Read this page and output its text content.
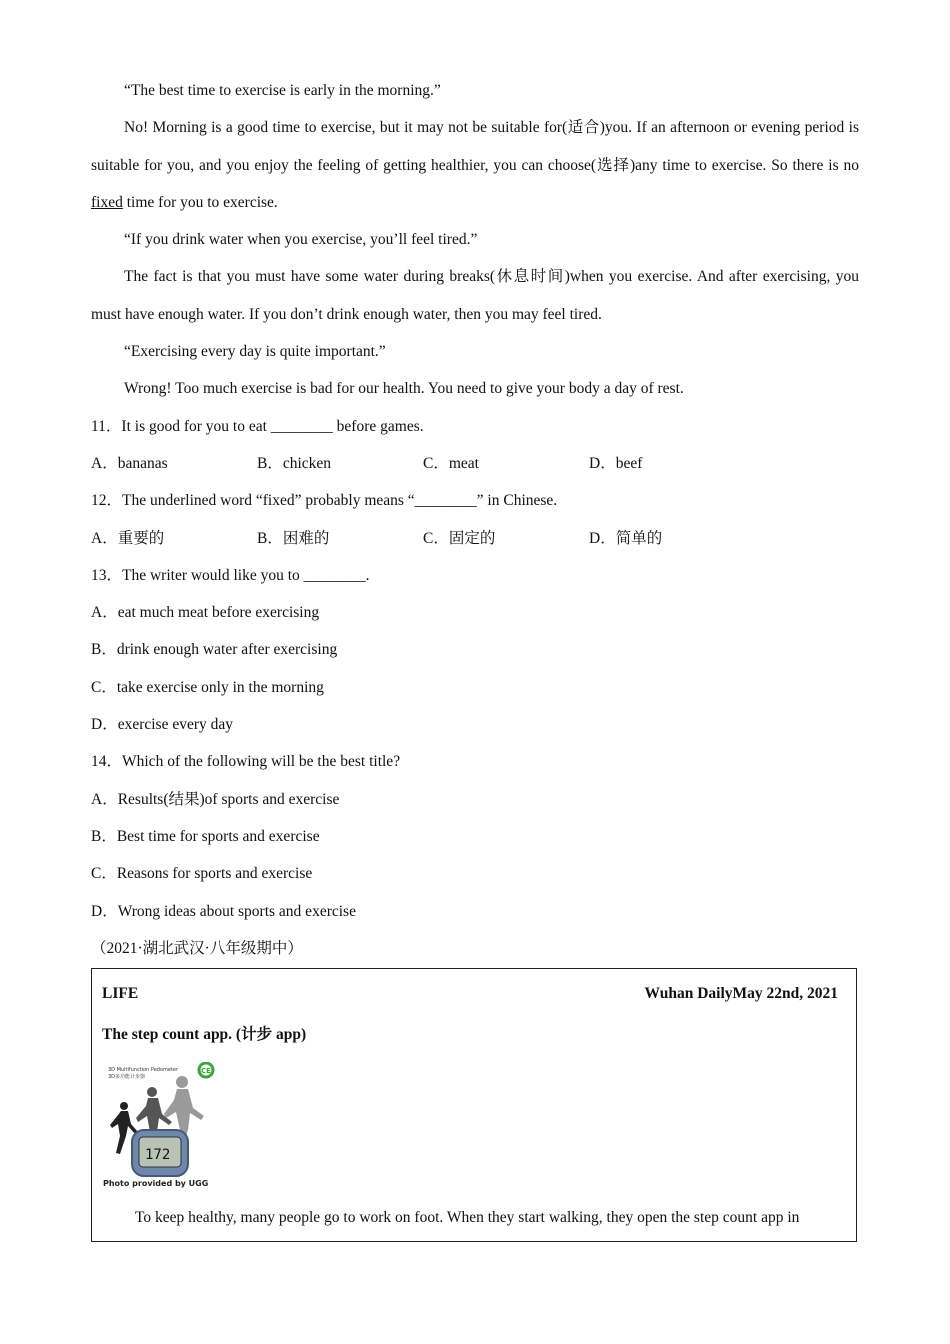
“The best time to exercise is early in the morning.”

No! Morning is a good time to exercise, but it may not be suitable for(适合)you. If an afternoon or evening period is suitable for you, and you enjoy the feeling of getting healthier, you can choose(选择)any time to exercise. So there is no fixed time for you to exercise.

“If you drink water when you exercise, you’ll feel tired.”

The fact is that you must have some water during breaks(休息时间)when you exercise. And after exercising, you must have enough water. If you don’t drink enough water, then you may feel tired.

“Exercising every day is quite important.”

Wrong! Too much exercise is bad for our health. You need to give your body a day of rest.

11．It is good for you to eat ________ before games.

A．bananas	B．chicken	C．meat	D．beef

12．The underlined word “fixed” probably means “________” in Chinese.

A．重要的	B．困难的	C．固定的	D．简单的

13．The writer would like you to ________.

A．eat much meat before exercising

B．drink enough water after exercising

C．take exercise only in the morning

D．exercise every day

14．Which of the following will be the best title?

A．Results(结果)of sports and exercise

B．Best time for sports and exercise

C．Reasons for sports and exercise

D．Wrong ideas about sports and exercise

（2021·湖北武汉·八年级期中）

LIFE	Wuhan DailyMay 22nd, 2021
The step count app. (计步 app)
3D Multifunction Pedometer
3D多功能计步器
CE
172
Photo provided by UGG
To keep healthy, many people go to work on foot. When they start walking, they open the step count app in
